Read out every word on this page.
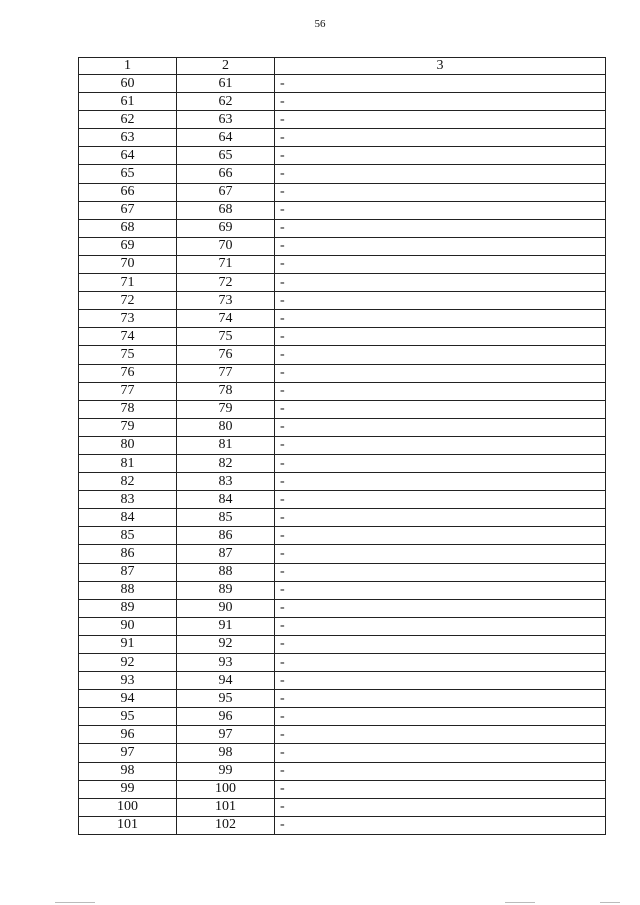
56
1	2	3
60	61	-
61	62	-
62	63	-
63	64	-
64	65	-
65	66	-
66	67	-
67	68	-
68	69	-
69	70	-
70	71	-
71	72	-
72	73	-
73	74	-
74	75	-
75	76	-
76	77	-
77	78	-
78	79	-
79	80	-
80	81	-
81	82	-
82	83	-
83	84	-
84	85	-
85	86	-
86	87	-
87	88	-
88	89	-
89	90	-
90	91	-
91	92	-
92	93	-
93	94	-
94	95	-
95	96	-
96	97	-
97	98	-
98	99	-
99	100	-
100	101	-
101	102	-
